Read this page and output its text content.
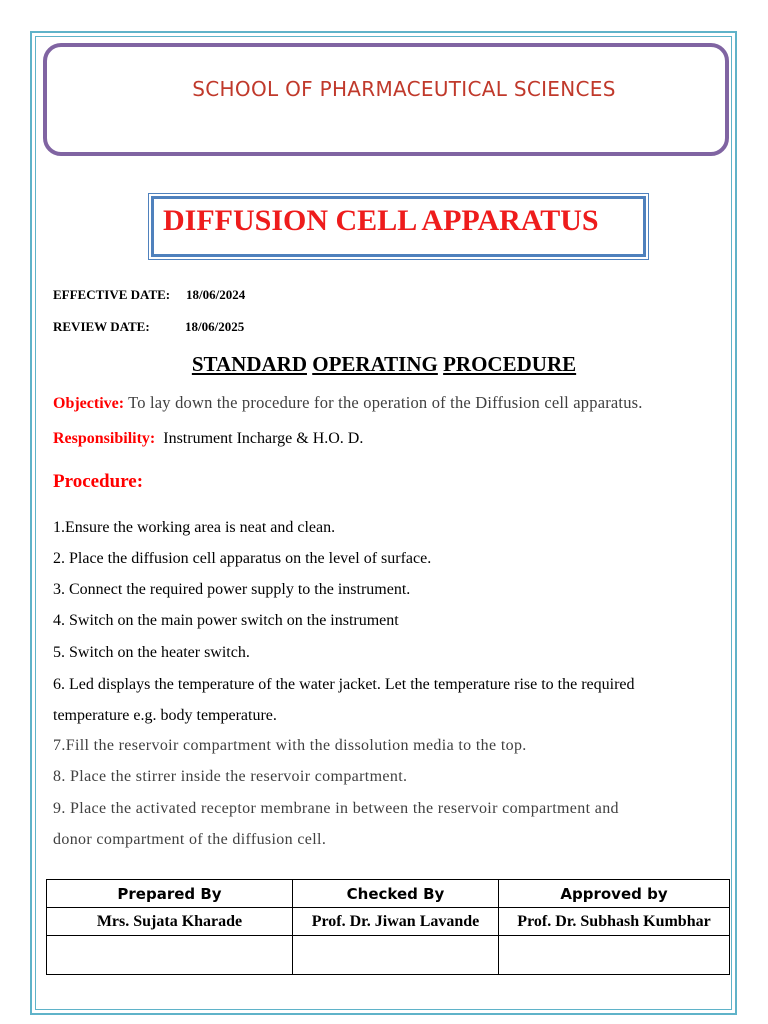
SCHOOL OF PHARMACEUTICAL SCIENCES
DIFFUSION CELL APPARATUS
EFFECTIVE DATE: 18/06/2024
REVIEW DATE:	18/06/2025
STANDARD OPERATING PROCEDURE
Objective: To lay down the procedure for the operation of the Diffusion cell apparatus.
Responsibility: Instrument Incharge & H.O. D.
Procedure:
1.Ensure the working area is neat and clean.
2. Place the diffusion cell apparatus on the level of surface.
3. Connect the required power supply to the instrument.
4. Switch on the main power switch on the instrument
5. Switch on the heater switch.
6. Led displays the temperature of the water jacket. Let the temperature rise to the required
temperature e.g. body temperature.
7.Fill the reservoir compartment with the dissolution media to the top.
8. Place the stirrer inside the reservoir compartment.
9. Place the activated receptor membrane in between the reservoir compartment and
donor compartment of the diffusion cell.
Prepared By	Checked By	Approved by
Mrs. Sujata Kharade	Prof. Dr. Jiwan Lavande	Prof. Dr. Subhash Kumbhar
